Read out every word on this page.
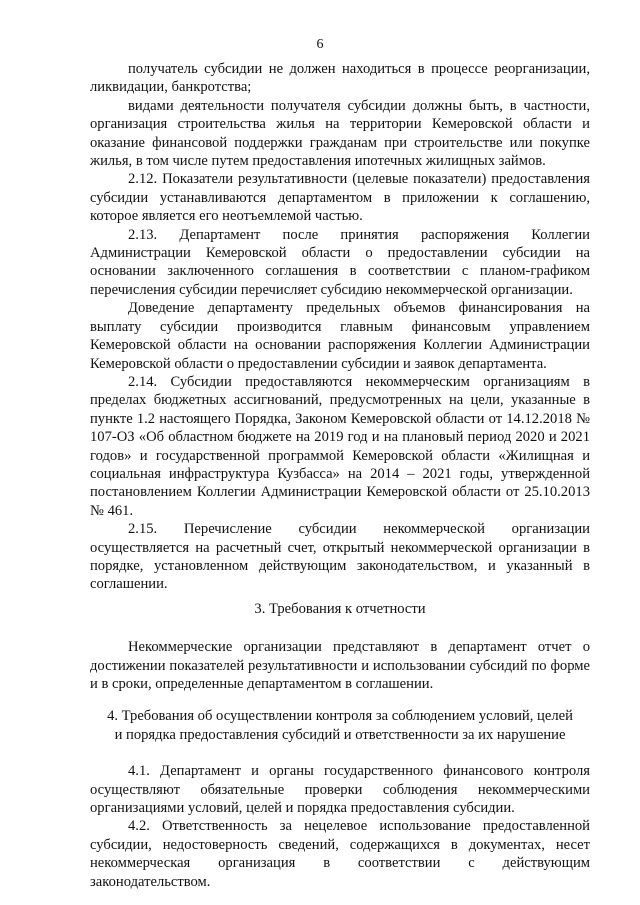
6

получатель субсидии не должен находиться в процессе реорганизации, ликвидации, банкротства;

видами деятельности получателя субсидии должны быть, в частности, организация строительства жилья на территории Кемеровской области и оказание финансовой поддержки гражданам при строительстве или покупке жилья, в том числе путем предоставления ипотечных жилищных займов.

2.12. Показатели результативности (целевые показатели) предоставления субсидии устанавливаются департаментом в приложении к соглашению, которое является его неотъемлемой частью.

2.13. Департамент после принятия распоряжения Коллегии Администрации Кемеровской области о предоставлении субсидии на основании заключенного соглашения в соответствии с планом-графиком перечисления субсидии перечисляет субсидию некоммерческой организации.

Доведение департаменту предельных объемов финансирования на выплату субсидии производится главным финансовым управлением Кемеровской области на основании распоряжения Коллегии Администрации Кемеровской области о предоставлении субсидии и заявок департамента.

2.14. Субсидии предоставляются некоммерческим организациям в пределах бюджетных ассигнований, предусмотренных на цели, указанные в пункте 1.2 настоящего Порядка, Законом Кемеровской области от 14.12.2018 № 107-ОЗ «Об областном бюджете на 2019 год и на плановый период 2020 и 2021 годов» и государственной программой Кемеровской области «Жилищная и социальная инфраструктура Кузбасса» на 2014 – 2021 годы, утвержденной постановлением Коллегии Администрации Кемеровской области от 25.10.2013 № 461.

2.15. Перечисление субсидии некоммерческой организации осуществляется на расчетный счет, открытый некоммерческой организации в порядке, установленном действующим законодательством, и указанный в соглашении.

3. Требования к отчетности

Некоммерческие организации представляют в департамент отчет о достижении показателей результативности и использовании субсидий по форме и в сроки, определенные департаментом в соглашении.

4. Требования об осуществлении контроля за соблюдением условий, целей

и порядка предоставления субсидий и ответственности за их нарушение

4.1. Департамент и органы государственного финансового контроля осуществляют обязательные проверки соблюдения некоммерческими организациями условий, целей и порядка предоставления субсидии.

4.2. Ответственность за нецелевое использование предоставленной субсидии, недостоверность сведений, содержащихся в документах, несет некоммерческая организация в соответствии с действующим законодательством.
